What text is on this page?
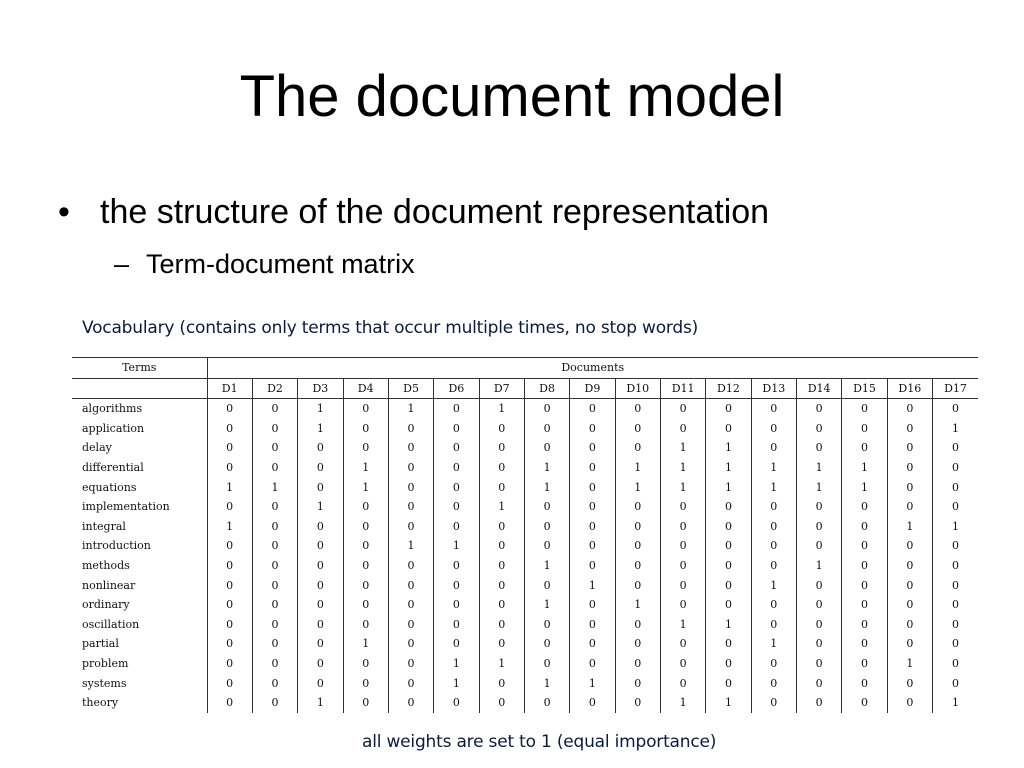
The document model
• the structure of the document representation
– Term-document matrix
Vocabulary (contains only terms that occur multiple times, no stop words)
Terms	Documents																
	D1	D2	D3	D4	D5	D6	D7	D8	D9	D10	D11	D12	D13	D14	D15	D16	D17
algorithms	0	0	1	0	1	0	1	0	0	0	0	0	0	0	0	0	0
application	0	0	1	0	0	0	0	0	0	0	0	0	0	0	0	0	1
delay	0	0	0	0	0	0	0	0	0	0	1	1	0	0	0	0	0
differential	0	0	0	1	0	0	0	1	0	1	1	1	1	1	1	0	0
equations	1	1	0	1	0	0	0	1	0	1	1	1	1	1	1	0	0
implementation	0	0	1	0	0	0	1	0	0	0	0	0	0	0	0	0	0
integral	1	0	0	0	0	0	0	0	0	0	0	0	0	0	0	1	1
introduction	0	0	0	0	1	1	0	0	0	0	0	0	0	0	0	0	0
methods	0	0	0	0	0	0	0	1	0	0	0	0	0	1	0	0	0
nonlinear	0	0	0	0	0	0	0	0	1	0	0	0	1	0	0	0	0
ordinary	0	0	0	0	0	0	0	1	0	1	0	0	0	0	0	0	0
oscillation	0	0	0	0	0	0	0	0	0	0	1	1	0	0	0	0	0
partial	0	0	0	1	0	0	0	0	0	0	0	0	1	0	0	0	0
problem	0	0	0	0	0	1	1	0	0	0	0	0	0	0	0	1	0
systems	0	0	0	0	0	1	0	1	1	0	0	0	0	0	0	0	0
theory	0	0	1	0	0	0	0	0	0	0	1	1	0	0	0	0	1
all weights are set to 1 (equal importance)
